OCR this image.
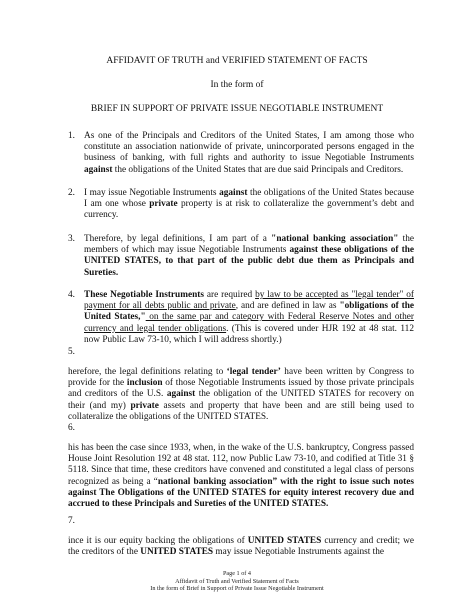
AFFIDAVIT OF TRUTH and VERIFIED STATEMENT OF FACTS
In the form of
BRIEF IN SUPPORT OF PRIVATE ISSUE NEGOTIABLE INSTRUMENT
1. As one of the Principals and Creditors of the United States, I am among those who constitute an association nationwide of private, unincorporated persons engaged in the business of banking, with full rights and authority to issue Negotiable Instruments against the obligations of the United States that are due said Principals and Creditors.
2. I may issue Negotiable Instruments against the obligations of the United States because I am one whose private property is at risk to collateralize the government’s debt and currency.
3. Therefore, by legal definitions, I am part of a "national banking association" the members of which may issue Negotiable Instruments against these obligations of the UNITED STATES, to that part of the public debt due them as Principals and Sureties.
4. These Negotiable Instruments are required by law to be accepted as "legal tender" of payment for all debts public and private, and are defined in law as "obligations of the United States," on the same par and category with Federal Reserve Notes and other currency and legal tender obligations. (This is covered under HJR 192 at 48 stat. 112 now Public Law 73-10, which I will address shortly.)
5.
herefore, the legal definitions relating to ‘legal tender’ have been written by Congress to provide for the inclusion of those Negotiable Instruments issued by those private principals and creditors of the U.S. against the obligation of the UNITED STATES for recovery on their (and my) private assets and property that have been and are still being used to collateralize the obligations of the UNITED STATES.
6.
his has been the case since 1933, when, in the wake of the U.S. bankruptcy, Congress passed House Joint Resolution 192 at 48 stat. 112, now Public Law 73-10, and codified at Title 31 § 5118. Since that time, these creditors have convened and constituted a legal class of persons recognized as being a “national banking association” with the right to issue such notes against The Obligations of the UNITED STATES for equity interest recovery due and accrued to these Principals and Sureties of the UNITED STATES.
7.
ince it is our equity backing the obligations of UNITED STATES currency and credit; we the creditors of the UNITED STATES may issue Negotiable Instruments against the
Page 1 of 4
Affidavit of Truth and Verified Statement of Facts
In the form of Brief in Support of Private Issue Negotiable Instrument
